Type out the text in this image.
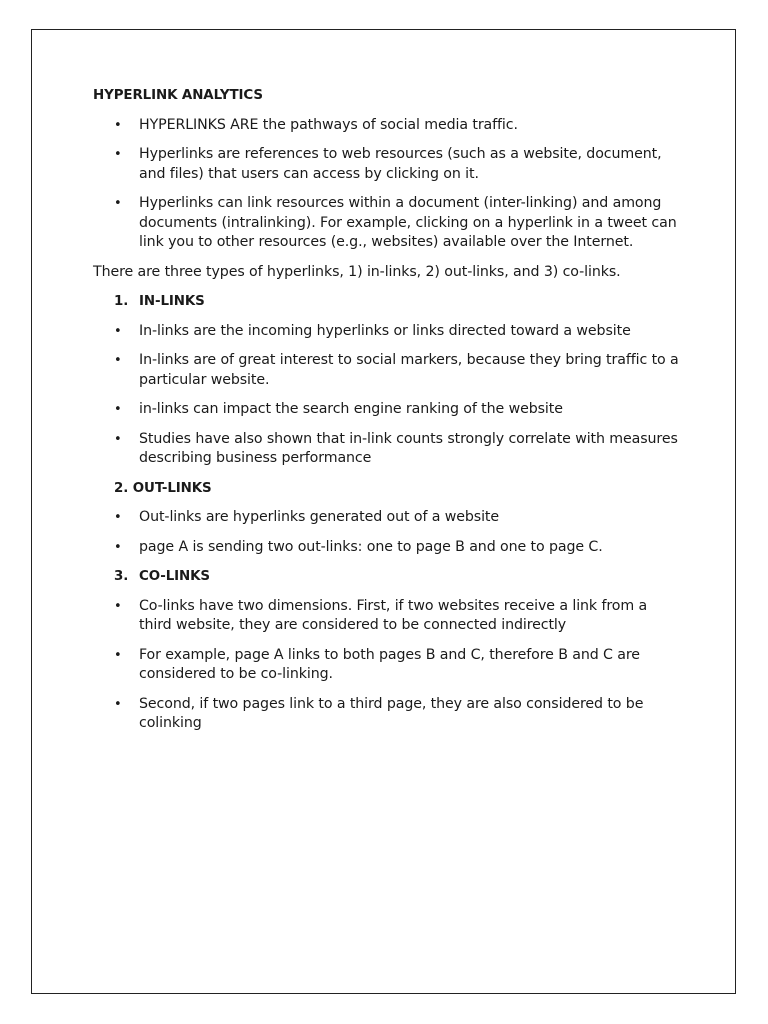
HYPERLINK ANALYTICS
• HYPERLINKS ARE the pathways of social media traffic.
• Hyperlinks are references to web resources (such as a website, document, and files) that users can access by clicking on it.
• Hyperlinks can link resources within a document (inter-linking) and among documents (intralinking). For example, clicking on a hyperlink in a tweet can link you to other resources (e.g., websites) available over the Internet.
There are three types of hyperlinks, 1) in-links, 2) out-links, and 3) co-links.
1. IN-LINKS
• In-links are the incoming hyperlinks or links directed toward a website
• In-links are of great interest to social markers, because they bring traffic to a particular website.
• in-links can impact the search engine ranking of the website
• Studies have also shown that in-link counts strongly correlate with measures describing business performance
2. OUT-LINKS
• Out-links are hyperlinks generated out of a website
• page A is sending two out-links: one to page B and one to page C.
3. CO-LINKS
• Co-links have two dimensions. First, if two websites receive a link from a third website, they are considered to be connected indirectly
• For example, page A links to both pages B and C, therefore B and C are considered to be co-linking.
• Second, if two pages link to a third page, they are also considered to be colinking
